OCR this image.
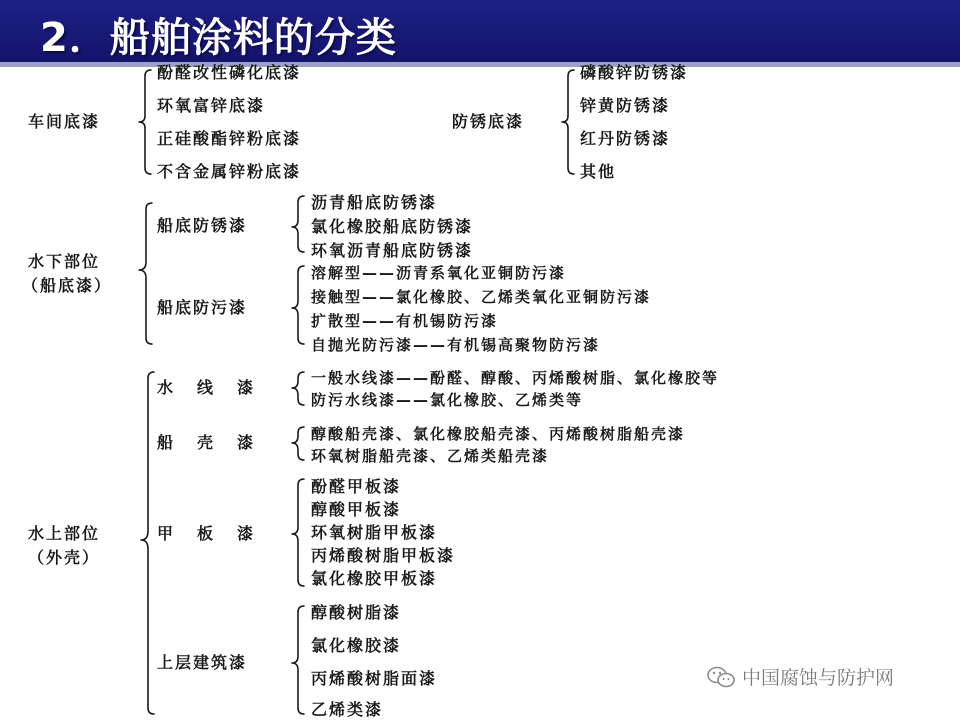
2．船舶涂料的分类
车间底漆
酚醛改性磷化底漆
环氧富锌底漆
正硅酸酯锌粉底漆
不含金属锌粉底漆
防锈底漆
磷酸锌防锈漆
锌黄防锈漆
红丹防锈漆
其他
水下部位
（船底漆）
船底防锈漆
沥青船底防锈漆
氯化橡胶船底防锈漆
环氧沥青船底防锈漆
船底防污漆
溶解型——沥青系氧化亚铜防污漆
接触型——氯化橡胶、乙烯类氧化亚铜防污漆
扩散型——有机锡防污漆
自抛光防污漆——有机锡高聚物防污漆
水上部位
（外壳）
水线漆 一般水线漆——酚醛、醇酸、丙烯酸树脂、氯化橡胶等
防污水线漆——氯化橡胶、乙烯类等
船壳漆 醇酸船壳漆、氯化橡胶船壳漆、丙烯酸树脂船壳漆
环氧树脂船壳漆、乙烯类船壳漆
甲板漆
酚醛甲板漆
醇酸甲板漆
环氧树脂甲板漆
丙烯酸树脂甲板漆
氯化橡胶甲板漆
上层建筑漆
醇酸树脂漆
氯化橡胶漆
丙烯酸树脂面漆
乙烯类漆
中国腐蚀与防护网
